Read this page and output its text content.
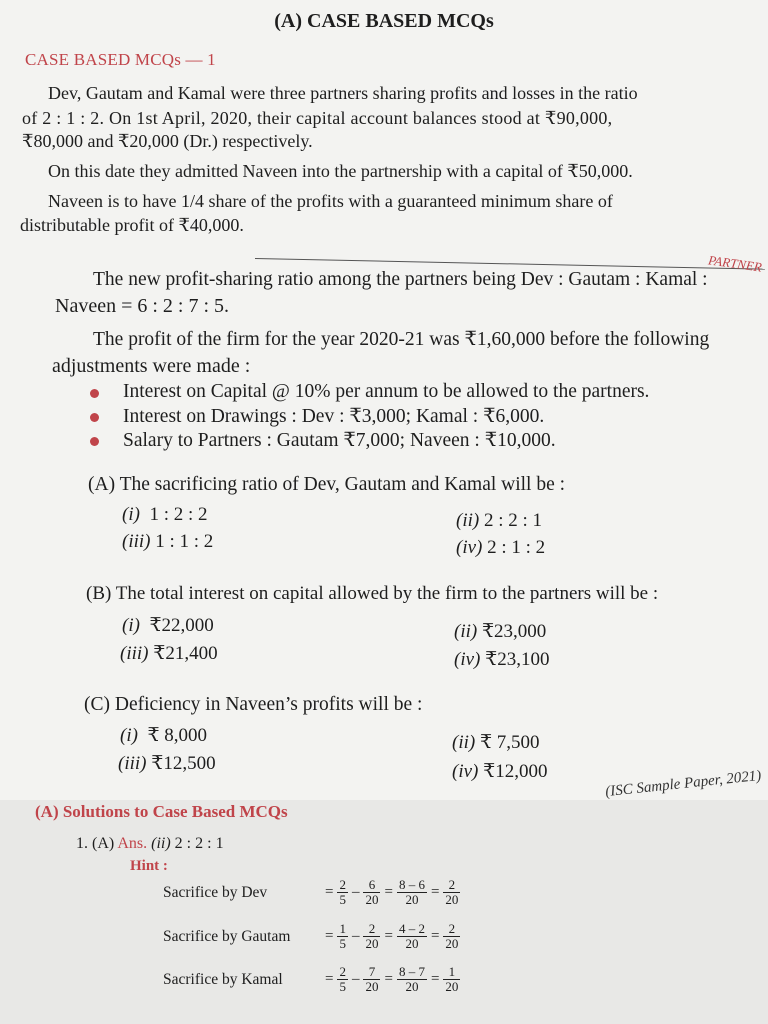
(A) CASE BASED MCQs
CASE BASED MCQs — 1
Dev, Gautam and Kamal were three partners sharing profits and losses in the ratio
of 2 : 1 : 2. On 1st April, 2020, their capital account balances stood at ₹90,000,
₹80,000 and ₹20,000 (Dr.) respectively.
On this date they admitted Naveen into the partnership with a capital of ₹50,000.
Naveen is to have 1/4 share of the profits with a guaranteed minimum share of
distributable profit of ₹40,000.
PARTNER
The new profit-sharing ratio among the partners being Dev : Gautam : Kamal :
Naveen = 6 : 2 : 7 : 5.
The profit of the firm for the year 2020-21 was ₹1,60,000 before the following
adjustments were made :
Interest on Capital @ 10% per annum to be allowed to the partners.
Interest on Drawings : Dev : ₹3,000; Kamal : ₹6,000.
Salary to Partners : Gautam ₹7,000; Naveen : ₹10,000.
(A) The sacrificing ratio of Dev, Gautam and Kamal will be :
(i) 1 : 2 : 2	(ii) 2 : 2 : 1
(iii) 1 : 1 : 2	(iv) 2 : 1 : 2
(B) The total interest on capital allowed by the firm to the partners will be :
(i) ₹22,000	(ii) ₹23,000
(iii) ₹21,400	(iv) ₹23,100
(C) Deficiency in Naveen’s profits will be :
(i) ₹ 8,000	(ii) ₹ 7,500
(iii) ₹12,500	(iv) ₹12,000	(ISC Sample Paper, 2021)
(A) Solutions to Case Based MCQs
1. (A) Ans. (ii) 2 : 2 : 1
Hint :
Sacrifice by Dev	= $\frac{2}{5} - \frac{6}{20} = \frac{8 - 6}{20} = \frac{2}{20}$
Sacrifice by Gautam	= $\frac{1}{5} - \frac{2}{20} = \frac{4 - 2}{20} = \frac{2}{20}$
Sacrifice by Kamal	= $\frac{2}{5} - \frac{7}{20} = \frac{8 - 7}{20} = \frac{1}{20}$
